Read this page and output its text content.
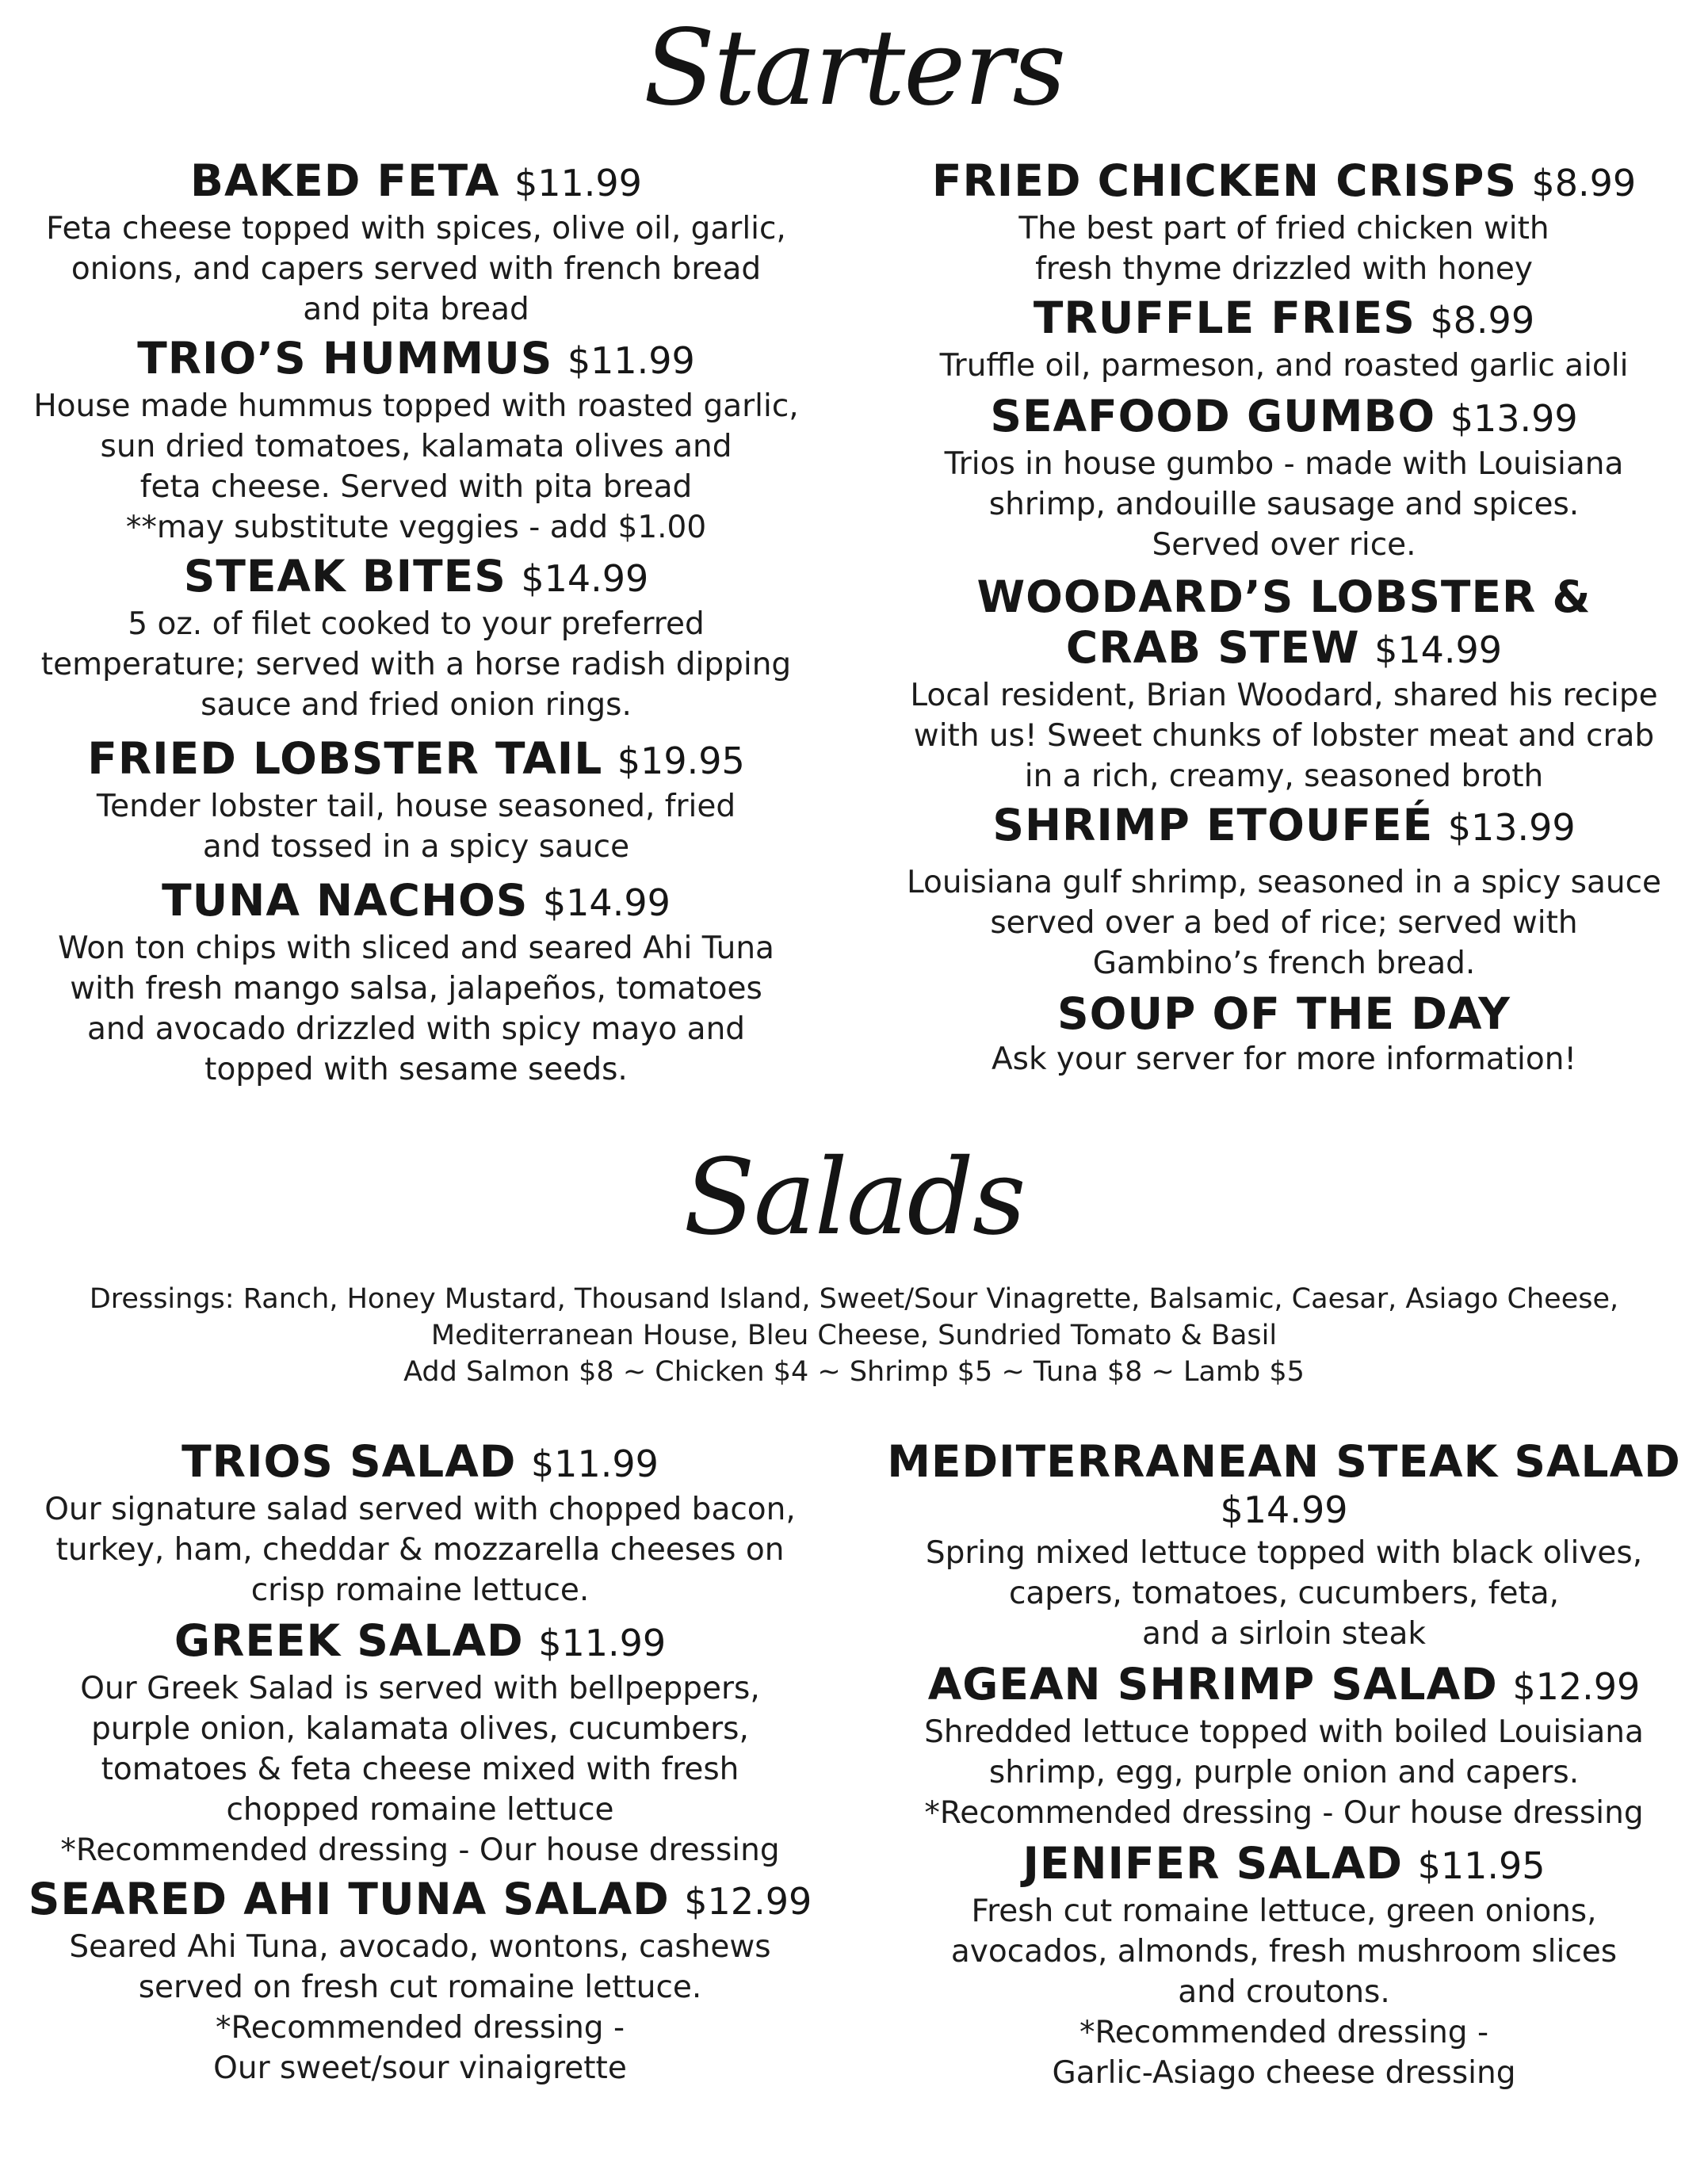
Starters
BAKED FETA $11.99
Feta cheese topped with spices, olive oil, garlic,
onions, and capers served with french bread
and pita bread
TRIO’S HUMMUS $11.99
House made hummus topped with roasted garlic,
sun dried tomatoes, kalamata olives and
feta cheese. Served with pita bread
**may substitute veggies - add $1.00
STEAK BITES $14.99
5 oz. of filet cooked to your preferred
temperature; served with a horse radish dipping
sauce and fried onion rings.
FRIED LOBSTER TAIL $19.95
Tender lobster tail, house seasoned, fried
and tossed in a spicy sauce
TUNA NACHOS $14.99
Won ton chips with sliced and seared Ahi Tuna
with fresh mango salsa, jalapeños, tomatoes
and avocado drizzled with spicy mayo and
topped with sesame seeds.
FRIED CHICKEN CRISPS $8.99
The best part of fried chicken with
fresh thyme drizzled with honey
TRUFFLE FRIES $8.99
Truffle oil, parmeson, and roasted garlic aioli
SEAFOOD GUMBO $13.99
Trios in house gumbo - made with Louisiana
shrimp, andouille sausage and spices.
Served over rice.
WOODARD’S LOBSTER &
CRAB STEW $14.99
Local resident, Brian Woodard, shared his recipe
with us! Sweet chunks of lobster meat and crab
in a rich, creamy, seasoned broth
SHRIMP ETOUFEÉ $13.99
Louisiana gulf shrimp, seasoned in a spicy sauce
served over a bed of rice; served with
Gambino’s french bread.
SOUP OF THE DAY
Ask your server for more information!
Salads
Dressings: Ranch, Honey Mustard, Thousand Island, Sweet/Sour Vinagrette, Balsamic, Caesar, Asiago Cheese,
Mediterranean House, Bleu Cheese, Sundried Tomato & Basil
Add Salmon $8 ~ Chicken $4 ~ Shrimp $5 ~ Tuna $8 ~ Lamb $5
TRIOS SALAD $11.99
Our signature salad served with chopped bacon,
turkey, ham, cheddar & mozzarella cheeses on
crisp romaine lettuce.
GREEK SALAD $11.99
Our Greek Salad is served with bellpeppers,
purple onion, kalamata olives, cucumbers,
tomatoes & feta cheese mixed with fresh
chopped romaine lettuce
*Recommended dressing - Our house dressing
SEARED AHI TUNA SALAD $12.99
Seared Ahi Tuna, avocado, wontons, cashews
served on fresh cut romaine lettuce.
*Recommended dressing -
Our sweet/sour vinaigrette
MEDITERRANEAN STEAK SALAD
$14.99
Spring mixed lettuce topped with black olives,
capers, tomatoes, cucumbers, feta,
and a sirloin steak
AGEAN SHRIMP SALAD $12.99
Shredded lettuce topped with boiled Louisiana
shrimp, egg, purple onion and capers.
*Recommended dressing - Our house dressing
JENIFER SALAD $11.95
Fresh cut romaine lettuce, green onions,
avocados, almonds, fresh mushroom slices
and croutons.
*Recommended dressing -
Garlic-Asiago cheese dressing
